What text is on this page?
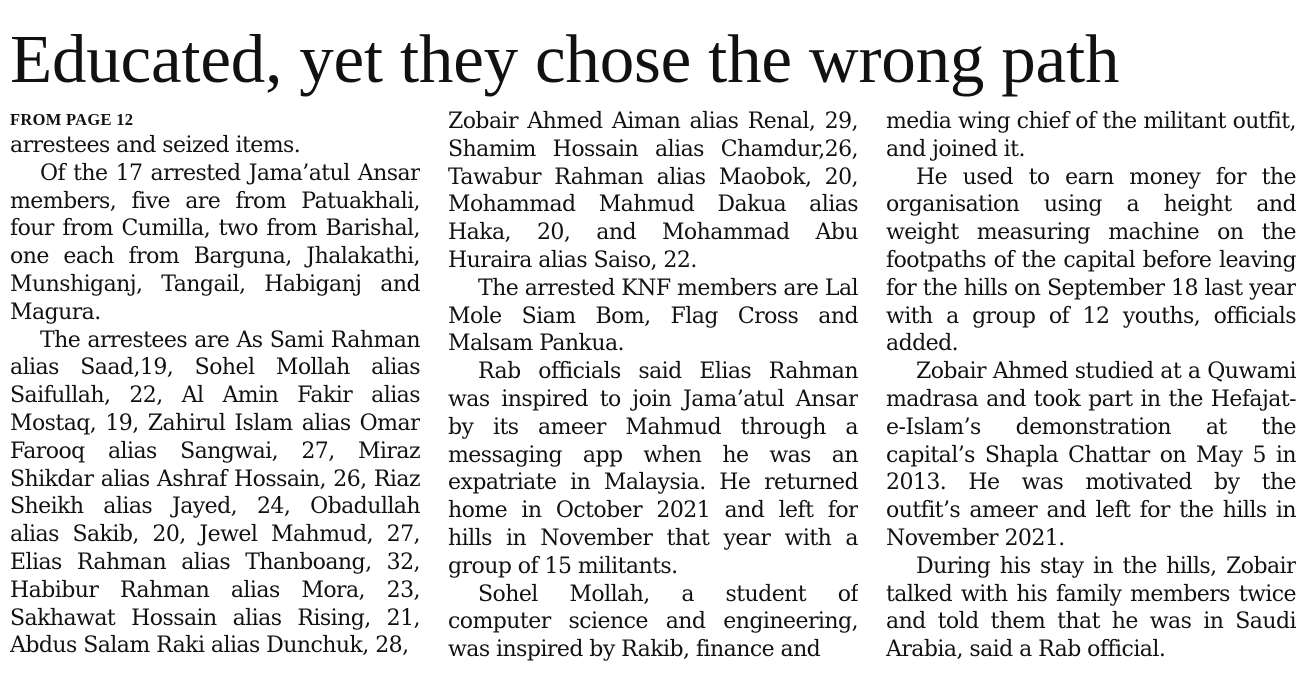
Educated, yet they chose the wrong path
FROM PAGE 12

arrestees and seized items.

Of the 17 arrested Jama’atul Ansar members, five are from Patuakhali, four from Cumilla, two from Barishal, one each from Barguna, Jhalakathi, Munshiganj, Tangail, Habiganj and Magura.

The arrestees are As Sami Rahman alias Saad,19, Sohel Mollah alias Saifullah, 22, Al Amin Fakir alias Mostaq, 19, Zahirul Islam alias Omar Farooq alias Sangwai, 27, Miraz Shikdar alias Ashraf Hossain, 26, Riaz Sheikh alias Jayed, 24, Obadullah alias Sakib, 20, Jewel Mahmud, 27, Elias Rahman alias Thanboang, 32, Habibur Rahman alias Mora, 23, Sakhawat Hossain alias Rising, 21, Abdus Salam Raki alias Dunchuk, 28,

Zobair Ahmed Aiman alias Renal, 29, Shamim Hossain alias Chamdur,26, Tawabur Rahman alias Maobok, 20, Mohammad Mahmud Dakua alias Haka, 20, and Mohammad Abu Huraira alias Saiso, 22.

The arrested KNF members are Lal Mole Siam Bom, Flag Cross and Malsam Pankua.

Rab officials said Elias Rahman was inspired to join Jama’atul Ansar by its ameer Mahmud through a messaging app when he was an expatriate in Malaysia. He returned home in October 2021 and left for hills in November that year with a group of 15 militants.

Sohel Mollah, a student of computer science and engineering, was inspired by Rakib, finance and

media wing chief of the militant outfit, and joined it.

He used to earn money for the organisation using a height and weight measuring machine on the footpaths of the capital before leaving for the hills on September 18 last year with a group of 12 youths, officials added.

Zobair Ahmed studied at a Quwami madrasa and took part in the Hefajat-e-Islam’s demonstration at the capital’s Shapla Chattar on May 5 in 2013. He was motivated by the outfit’s ameer and left for the hills in November 2021.

During his stay in the hills, Zobair talked with his family members twice and told them that he was in Saudi Arabia, said a Rab official.
